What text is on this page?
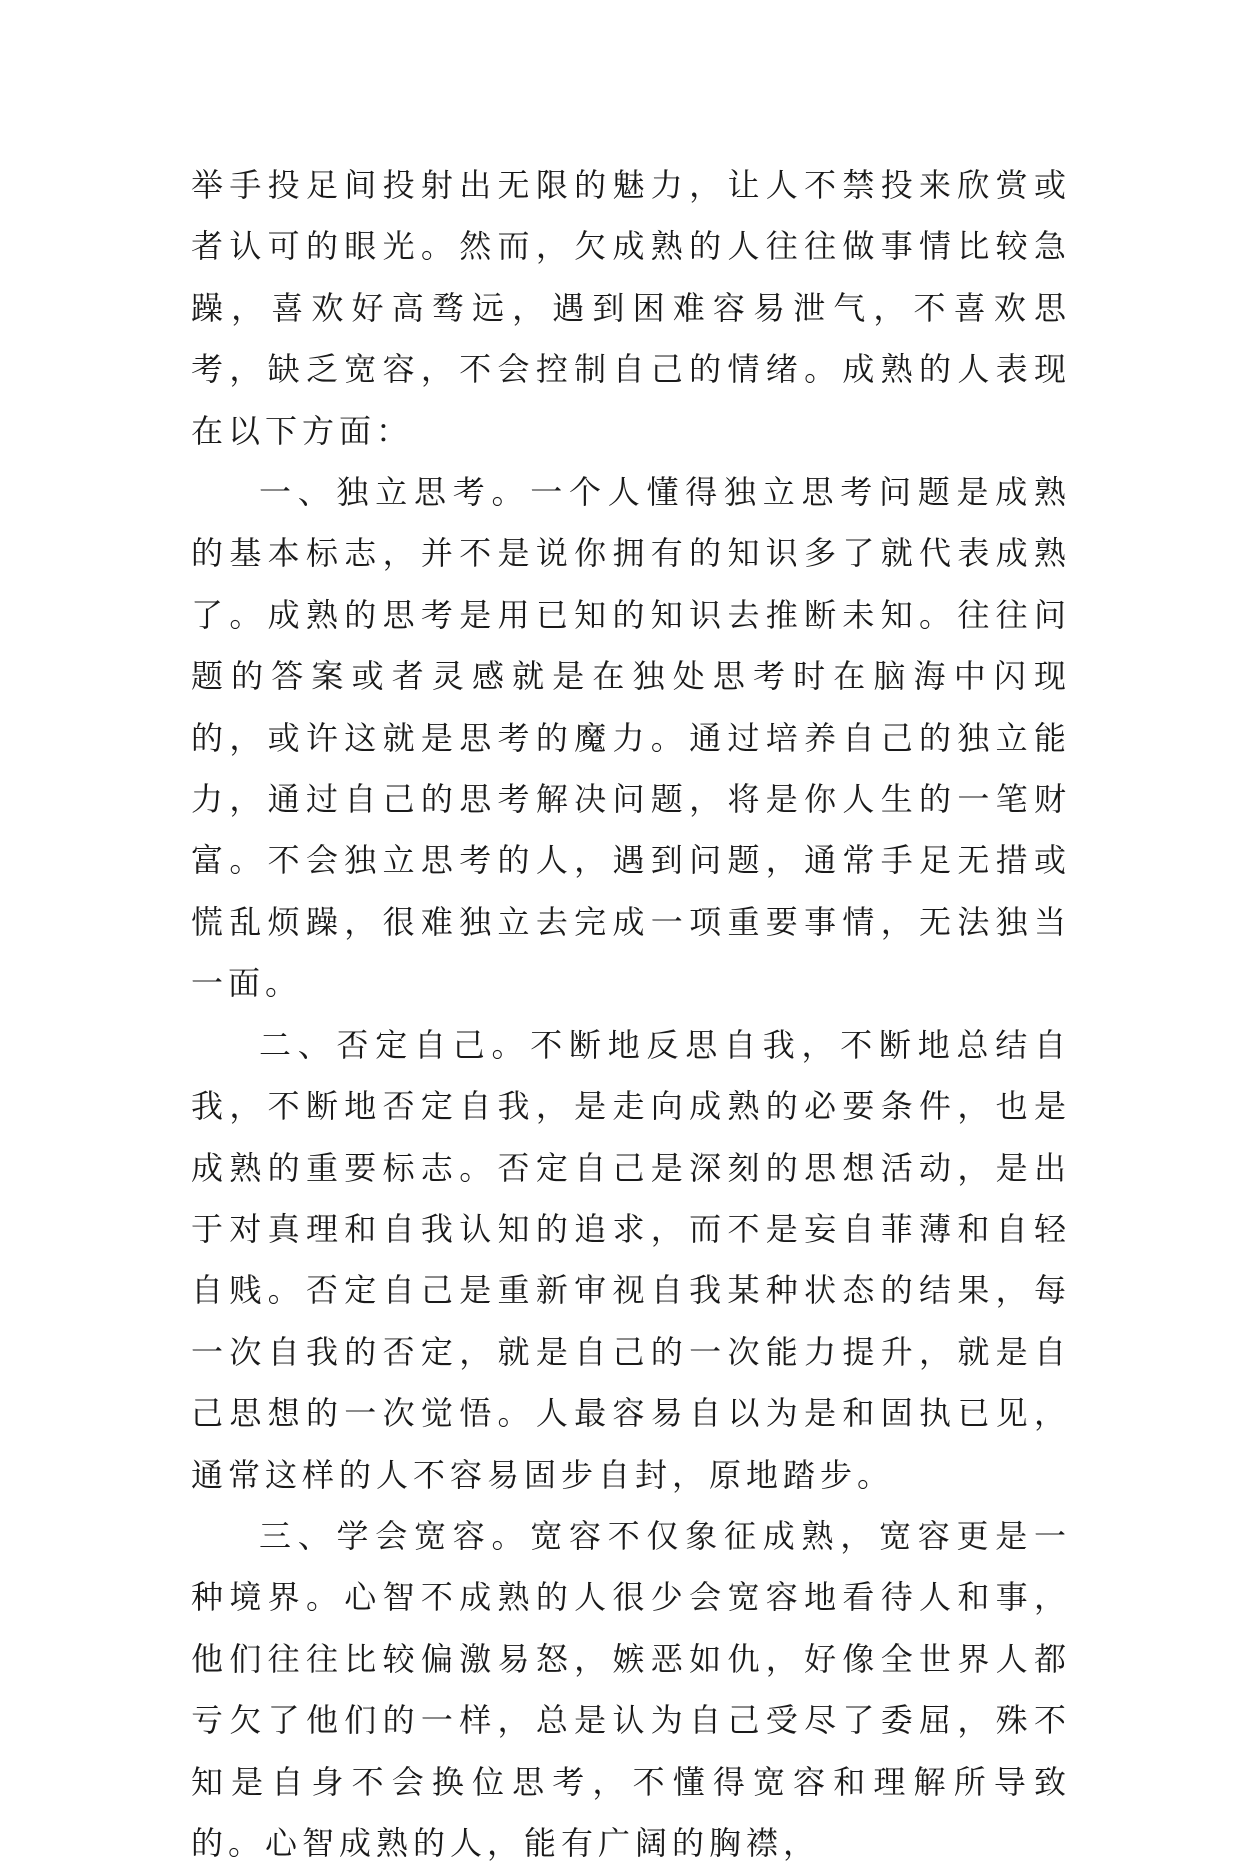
举手投足间投射出无限的魅力，让人不禁投来欣赏或者认可的眼光。然而，欠成熟的人往往做事情比较急躁，喜欢好高骛远，遇到困难容易泄气，不喜欢思考，缺乏宽容，不会控制自己的情绪。成熟的人表现在以下方面：

一、独立思考。一个人懂得独立思考问题是成熟的基本标志，并不是说你拥有的知识多了就代表成熟了。成熟的思考是用已知的知识去推断未知。往往问题的答案或者灵感就是在独处思考时在脑海中闪现的，或许这就是思考的魔力。通过培养自己的独立能力，通过自己的思考解决问题，将是你人生的一笔财富。不会独立思考的人，遇到问题，通常手足无措或慌乱烦躁，很难独立去完成一项重要事情，无法独当一面。

二、否定自己。不断地反思自我，不断地总结自我，不断地否定自我，是走向成熟的必要条件，也是成熟的重要标志。否定自己是深刻的思想活动，是出于对真理和自我认知的追求，而不是妄自菲薄和自轻自贱。否定自己是重新审视自我某种状态的结果，每一次自我的否定，就是自己的一次能力提升，就是自己思想的一次觉悟。人最容易自以为是和固执已见，通常这样的人不容易固步自封，原地踏步。

三、学会宽容。宽容不仅象征成熟，宽容更是一种境界。心智不成熟的人很少会宽容地看待人和事，他们往往比较偏激易怒，嫉恶如仇，好像全世界人都亏欠了他们的一样，总是认为自己受尽了委屈，殊不知是自身不会换位思考，不懂得宽容和理解所导致的。心智成熟的人，能有广阔的胸襟，
